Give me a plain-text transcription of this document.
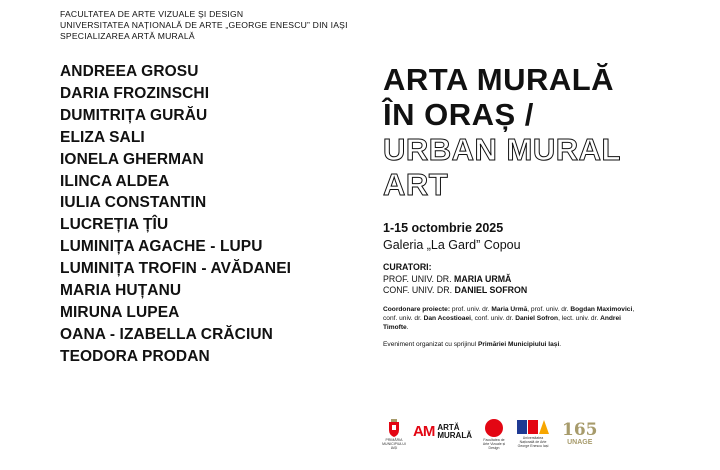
FACULTATEA DE ARTE VIZUALE ȘI DESIGN
UNIVERSITATEA NAȚIONALĂ DE ARTE „GEORGE ENESCU” DIN IAȘI
SPECIALIZAREA ARTĂ MURALĂ
ANDREEA GROSU
DARIA FROZINSCHI
DUMITRIȚA GURĂU
ELIZA SALI
IONELA GHERMAN
ILINCA ALDEA
IULIA CONSTANTIN
LUCREȚIA ȚÎU
LUMINIȚA AGACHE - LUPU
LUMINIȚA TROFIN - AVĂDANEI
MARIA HUȚANU
MIRUNA LUPEA
OANA - IZABELLA CRĂCIUN
TEODORA PRODAN
ARTA MURALĂ
ÎN ORAȘ /
URBAN MURAL
ART
1-15 octombrie 2025
Galeria „La Gard” Copou
CURATORI:
PROF. UNIV. DR. MARIA URMĂ
CONF. UNIV. DR. DANIEL SOFRON
Coordonare proiecte: prof. univ. dr. Maria Urmă, prof. univ. dr. Bogdan Maximovici, conf. univ. dr. Dan Acostioaei, conf. univ. dr. Daniel Sofron, lect. univ. dr. Andrei Timofte.
Eveniment organizat cu sprijinul Primăriei Municipiului Iași.
PRIMĂRIA MUNICIPIULUI IAȘI
AM ARTĂ
MURALĂ
Facultatea de Arte Vizuale și Design
Universitatea Națională de Arte George Enescu Iași
165
UNAGE
